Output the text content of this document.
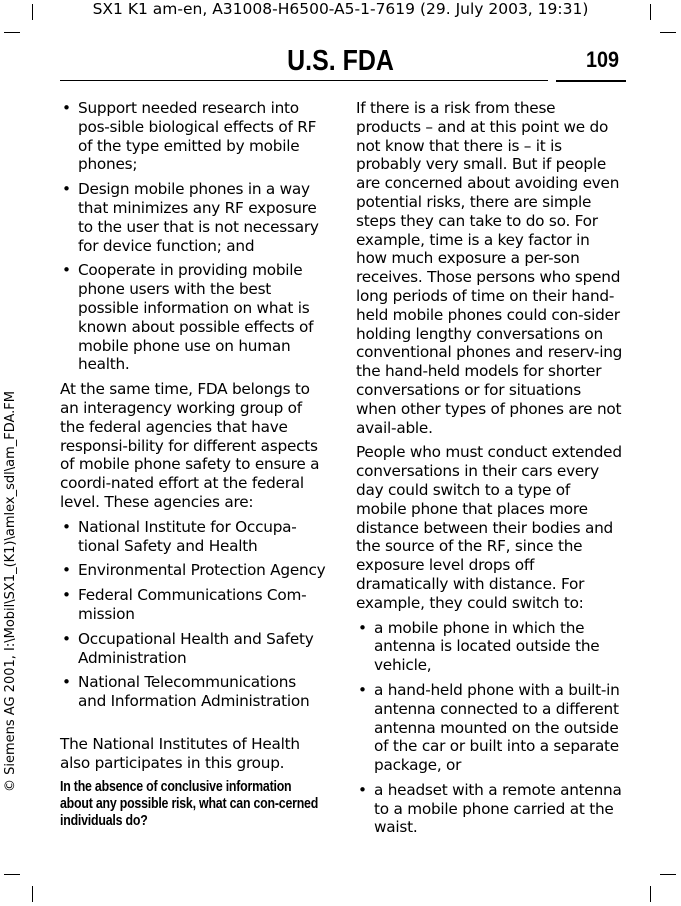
SX1 K1 am-en, A31008-H6500-A5-1-7619 (29. July 2003, 19:31)
U.S. FDA	109
© Siemens AG 2001, I:\Mobil\SX1_(K1)\amlex_sdl\am_FDA.FM
• Support needed research into pos-sible biological effects of RF of the type emitted by mobile phones;
• Design mobile phones in a way that minimizes any RF exposure to the user that is not necessary for device function; and
• Cooperate in providing mobile phone users with the best possible information on what is known about possible effects of mobile phone use on human health.

At the same time, FDA belongs to an interagency working group of the federal agencies that have responsi-bility for different aspects of mobile phone safety to ensure a coordi-nated effort at the federal level. These agencies are:

• National Institute for Occupa-tional Safety and Health
• Environmental Protection Agency
• Federal Communications Com-mission
• Occupational Health and Safety Administration
• National Telecommunications and Information Administration

The National Institutes of Health also participates in this group.

In the absence of conclusive information about any possible risk, what can con-cerned individuals do?

If there is a risk from these products – and at this point we do not know that there is – it is probably very small. But if people are concerned about avoiding even potential risks, there are simple steps they can take to do so. For example, time is a key factor in how much exposure a per-son receives. Those persons who spend long periods of time on their hand-held mobile phones could con-sider holding lengthy conversations on conventional phones and reserv-ing the hand-held models for shorter conversations or for situations when other types of phones are not avail-able.

People who must conduct extended conversations in their cars every day could switch to a type of mobile phone that places more distance between their bodies and the source of the RF, since the exposure level drops off dramatically with distance. For example, they could switch to:

• a mobile phone in which the antenna is located outside the vehicle,
• a hand-held phone with a built-in antenna connected to a different antenna mounted on the outside of the car or built into a separate package, or
• a headset with a remote antenna to a mobile phone carried at the waist.
